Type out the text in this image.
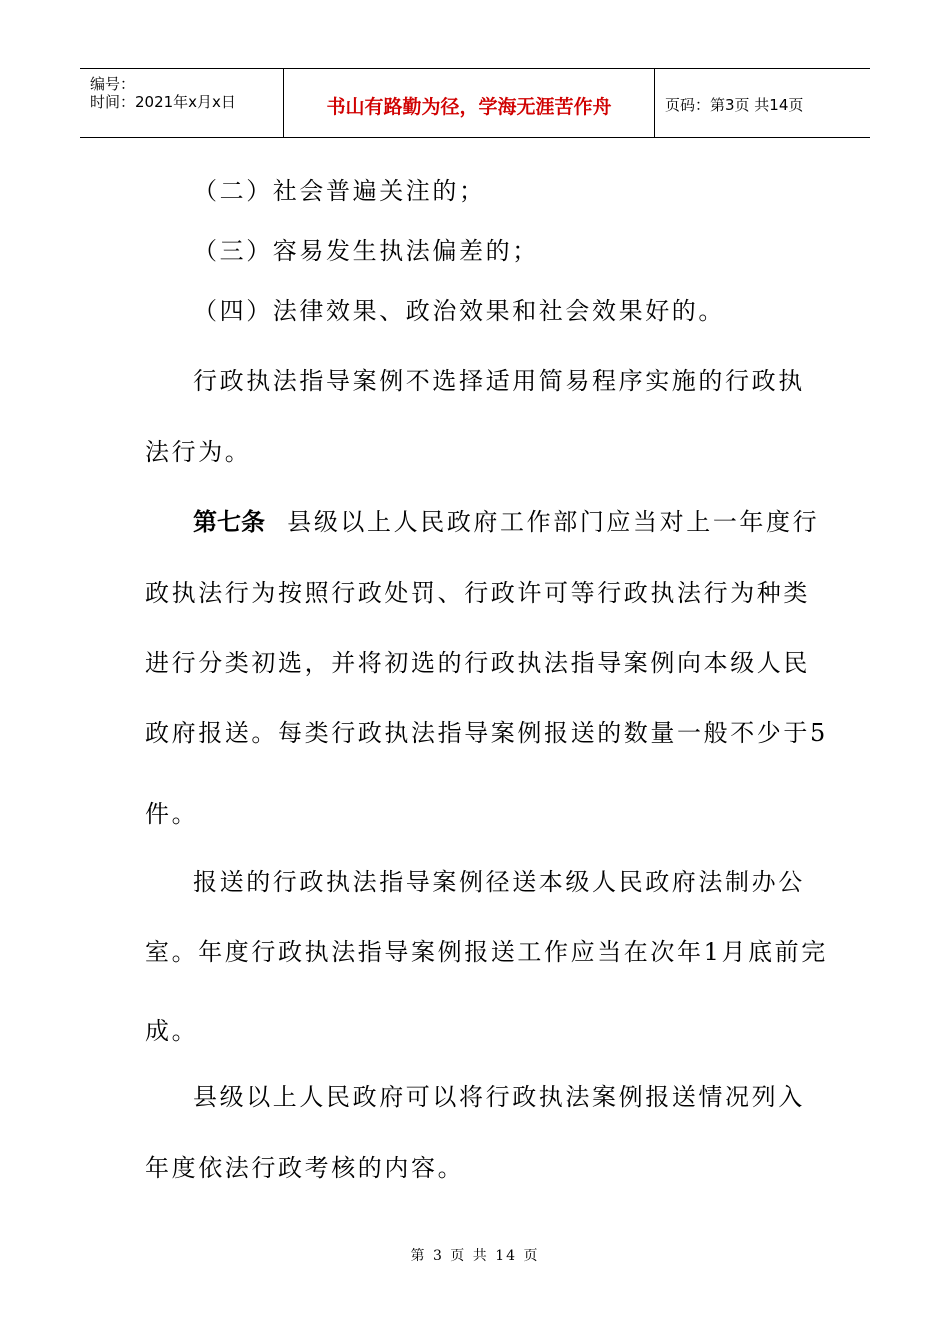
编号：
时间：2021年x月x日	书山有路勤为径，学海无涯苦作舟	页码：第3页 共14页
（二）社会普遍关注的；
（三）容易发生执法偏差的；
（四）法律效果、政治效果和社会效果好的。
行政执法指导案例不选择适用简易程序实施的行政执
法行为。
第七条 县级以上人民政府工作部门应当对上一年度行
政执法行为按照行政处罚、行政许可等行政执法行为种类
进行分类初选，并将初选的行政执法指导案例向本级人民
政府报送。每类行政执法指导案例报送的数量一般不少于5
件。
报送的行政执法指导案例径送本级人民政府法制办公
室。年度行政执法指导案例报送工作应当在次年1月底前完
成。
县级以上人民政府可以将行政执法案例报送情况列入
年度依法行政考核的内容。
第 3 页 共 14 页
